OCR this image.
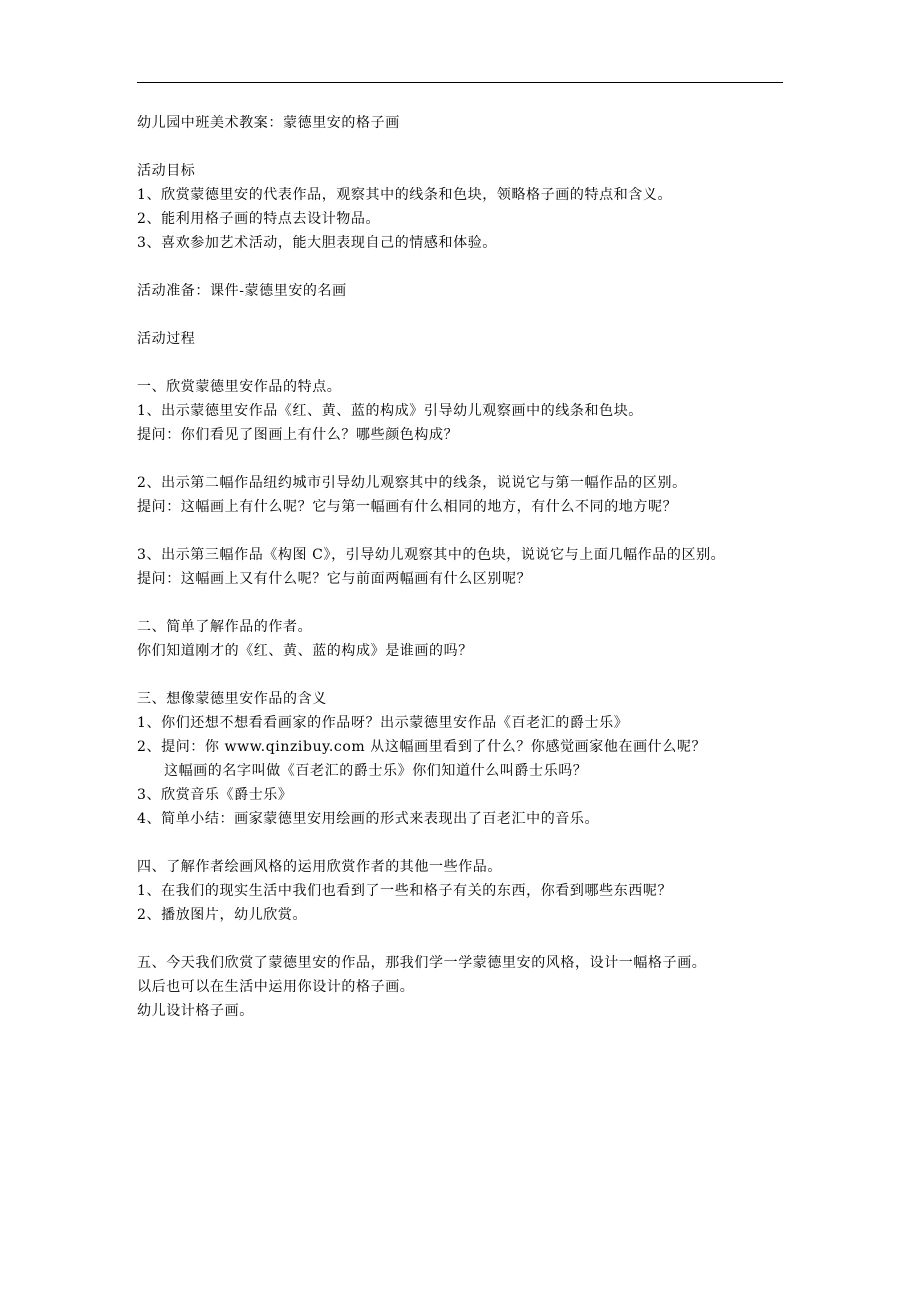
幼儿园中班美术教案：蒙德里安的格子画
活动目标
1、欣赏蒙德里安的代表作品，观察其中的线条和色块，领略格子画的特点和含义。
2、能利用格子画的特点去设计物品。
3、喜欢参加艺术活动，能大胆表现自己的情感和体验。
活动准备：课件-蒙德里安的名画
活动过程
一、欣赏蒙德里安作品的特点。
1、出示蒙德里安作品《红、黄、蓝的构成》引导幼儿观察画中的线条和色块。
提问：你们看见了图画上有什么？哪些颜色构成？
2、出示第二幅作品纽约城市引导幼儿观察其中的线条，说说它与第一幅作品的区别。
提问：这幅画上有什么呢？它与第一幅画有什么相同的地方，有什么不同的地方呢？
3、出示第三幅作品《构图 C》，引导幼儿观察其中的色块，说说它与上面几幅作品的区别。
提问：这幅画上又有什么呢？它与前面两幅画有什么区别呢？
二、简单了解作品的作者。
你们知道刚才的《红、黄、蓝的构成》是谁画的吗？
三、想像蒙德里安作品的含义
1、你们还想不想看看画家的作品呀？出示蒙德里安作品《百老汇的爵士乐》
2、提问：你 www.qinzibuy.com 从这幅画里看到了什么？你感觉画家他在画什么呢？
这幅画的名字叫做《百老汇的爵士乐》你们知道什么叫爵士乐吗？
3、欣赏音乐《爵士乐》
4、简单小结：画家蒙德里安用绘画的形式来表现出了百老汇中的音乐。
四、了解作者绘画风格的运用欣赏作者的其他一些作品。
1、在我们的现实生活中我们也看到了一些和格子有关的东西，你看到哪些东西呢？
2、播放图片，幼儿欣赏。
五、今天我们欣赏了蒙德里安的作品，那我们学一学蒙德里安的风格，设计一幅格子画。
以后也可以在生活中运用你设计的格子画。
幼儿设计格子画。
